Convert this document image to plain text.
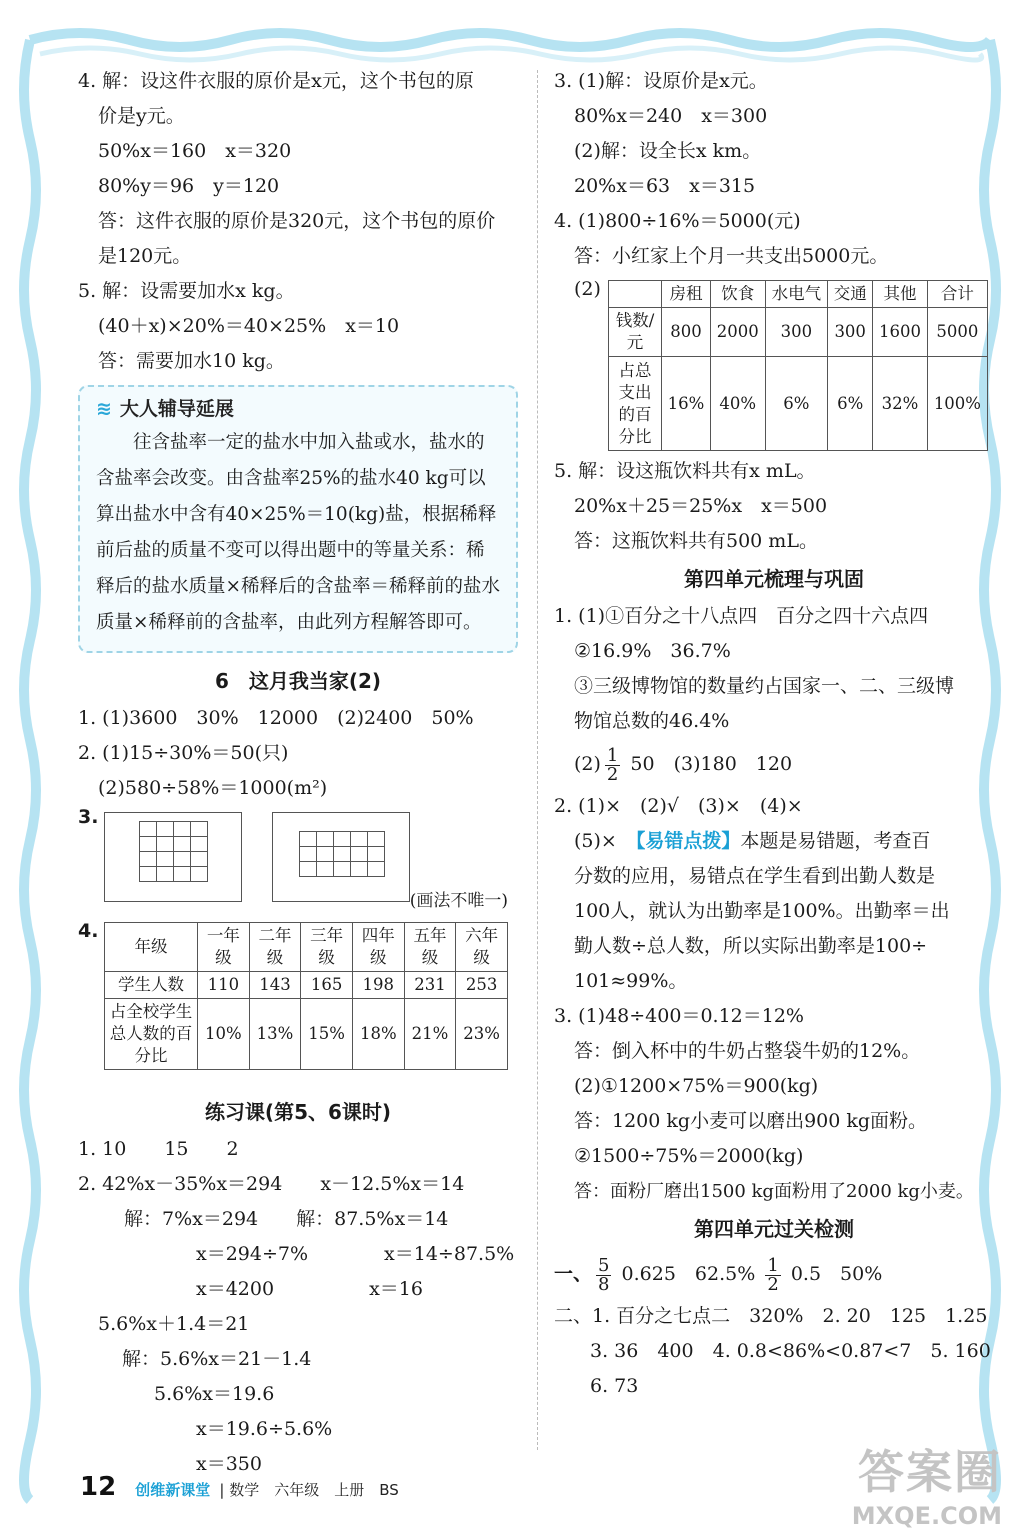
4. 解：设这件衣服的原价是x元，这个书包的原
价是y元。
50%x＝160　x＝320
80%y＝96　y＝120
答：这件衣服的原价是320元，这个书包的原价
是120元。
5. 解：设需要加水x kg。
(40＋x)×20%＝40×25%　x＝10
答：需要加水10 kg。
≋ 大人辅导延展

往含盐率一定的盐水中加入盐或水，盐水的含盐率会改变。由含盐率25%的盐水40 kg可以算出盐水中含有40×25%＝10(kg)盐，根据稀释前后盐的质量不变可以得出题中的等量关系：稀释后的盐水质量×稀释后的含盐率＝稀释前的盐水质量×稀释前的含盐率，由此列方程解答即可。

6　这月我当家(2)
1. (1)3600　30%　12000　(2)2400　50%
2. (1)15÷30%＝50(只)
(2)580÷58%＝1000(m²)
3.

(画法不唯一)
4.
年级	一年级	二年级	三年级	四年级	五年级	六年级
学生人数	110	143	165	198	231	253
占全校学生总人数的百分比	10%	13%	15%	18%	21%	23%
练习课(第5、6课时)
1. 10　　15　　2
2. 42%x－35%x＝294　　x－12.5%x＝14
解：7%x＝294　　解：87.5%x＝14
x＝294÷7%　　　　x＝14÷87.5%
x＝4200　　　　　x＝16
5.6%x＋1.4＝21
解：5.6%x＝21－1.4
5.6%x＝19.6
x＝19.6÷5.6%
x＝350
3. (1)解：设原价是x元。
80%x＝240　x＝300
(2)解：设全长x km。
20%x＝63　x＝315
4. (1)800÷16%＝5000(元)
答：小红家上个月一共支出5000元。
(2)
		房租	饮食	水电气	交通	其他	合计
钱数/元	800	2000	300	300	1600	5000
占总支出的百分比	16%	40%	6%	6%	32%	100%
5. 解：设这瓶饮料共有x mL。
20%x＋25＝25%x　x＝500
答：这瓶饮料共有500 mL。
第四单元梳理与巩固
1. (1)①百分之十八点四　百分之四十六点四
②16.9%　36.7%
③三级博物馆的数量约占国家一、二、三级博
物馆总数的46.4%
$(2) \frac{1}{2} 50$　(3)180　120
2. (1)×　(2)√　(3)×　(4)×
(5)×　 【易错点拨】本题是易错题，考查百
分数的应用，易错点在学生看到出勤人数是
100人，就认为出勤率是100%。出勤率＝出
勤人数÷总人数，所以实际出勤率是100÷
101≈99%。
3. (1)48÷400＝0.12＝12%
答：倒入杯中的牛奶占整袋牛奶的12%。
(2)①1200×75%＝900(kg)
答：1200 kg小麦可以磨出900 kg面粉。
②1500÷75%＝2000(kg)
答：面粉厂磨出1500 kg面粉用了2000 kg小麦。
第四单元过关检测
一、 $\frac{5}{8} 0.625$　$62.5\% \frac{1}{2} 0.5$　50%
二、1. 百分之七点二　320%　2. 20　125　1.25
3. 36　400　4. 0.8<86%<0.87<7　5. 160
6. 73
12 创维新课堂 | 数学　六年级　上册　BS	答案圈
MXQE.COM
